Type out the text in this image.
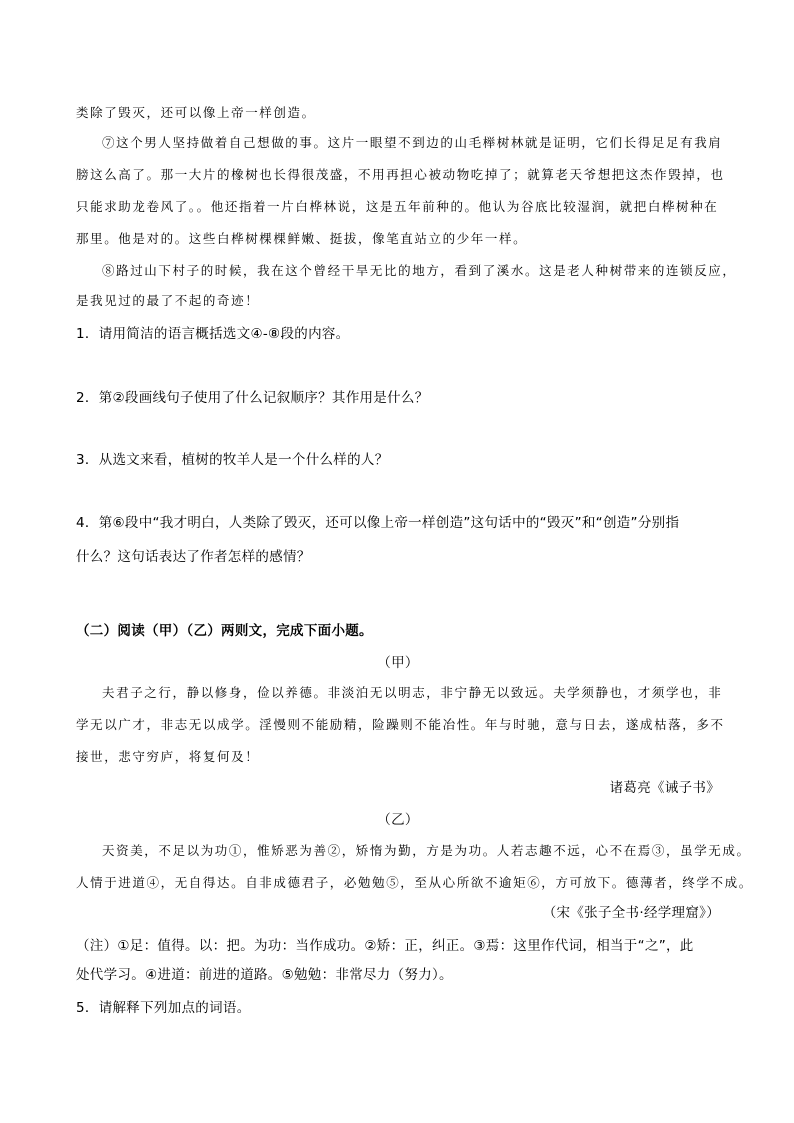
类除了毁灭，还可以像上帝一样创造。
⑦这个男人坚持做着自己想做的事。这片一眼望不到边的山毛榉树林就是证明，它们长得足足有我肩
膀这么高了。那一大片的橡树也长得很茂盛，不用再担心被动物吃掉了；就算老天爷想把这杰作毁掉，也
只能求助龙卷风了。。他还指着一片白桦林说，这是五年前种的。他认为谷底比较湿润，就把白桦树种在
那里。他是对的。这些白桦树棵棵鲜嫩、挺拔，像笔直站立的少年一样。
⑧路过山下村子的时候，我在这个曾经干旱无比的地方，看到了溪水。这是老人种树带来的连锁反应，
是我见过的最了不起的奇迹！
1．请用简洁的语言概括选文④-⑧段的内容。
2．第②段画线句子使用了什么记叙顺序？其作用是什么？
3．从选文来看，植树的牧羊人是一个什么样的人？
4．第⑥段中“我才明白，人类除了毁灭，还可以像上帝一样创造”这句话中的“毁灭”和“创造”分别指
什么？这句话表达了作者怎样的感情？
（二）阅读（甲）（乙）两则文，完成下面小题。
（甲）
夫君子之行，静以修身，俭以养德。非淡泊无以明志，非宁静无以致远。夫学须静也，才须学也，非
学无以广才，非志无以成学。淫慢则不能励精，险躁则不能冶性。年与时驰，意与日去，遂成枯落，多不
接世，悲守穷庐，将复何及！
诸葛亮《诫子书》
（乙）
天资美，不足以为功①，惟矫恶为善②，矫惰为勤，方是为功。人若志趣不远，心不在焉③，虽学无成。
人情于进道④，无自得达。自非成德君子，必勉勉⑤，至从心所欲不逾矩⑥，方可放下。德薄者，终学不成。
（宋《张子全书·经学理窟》）
（注）①足：值得。以：把。为功：当作成功。②矫：正，纠正。③焉：这里作代词，相当于“之”，此
处代学习。④进道：前进的道路。⑤勉勉：非常尽力（努力）。
5．请解释下列加点的词语。
